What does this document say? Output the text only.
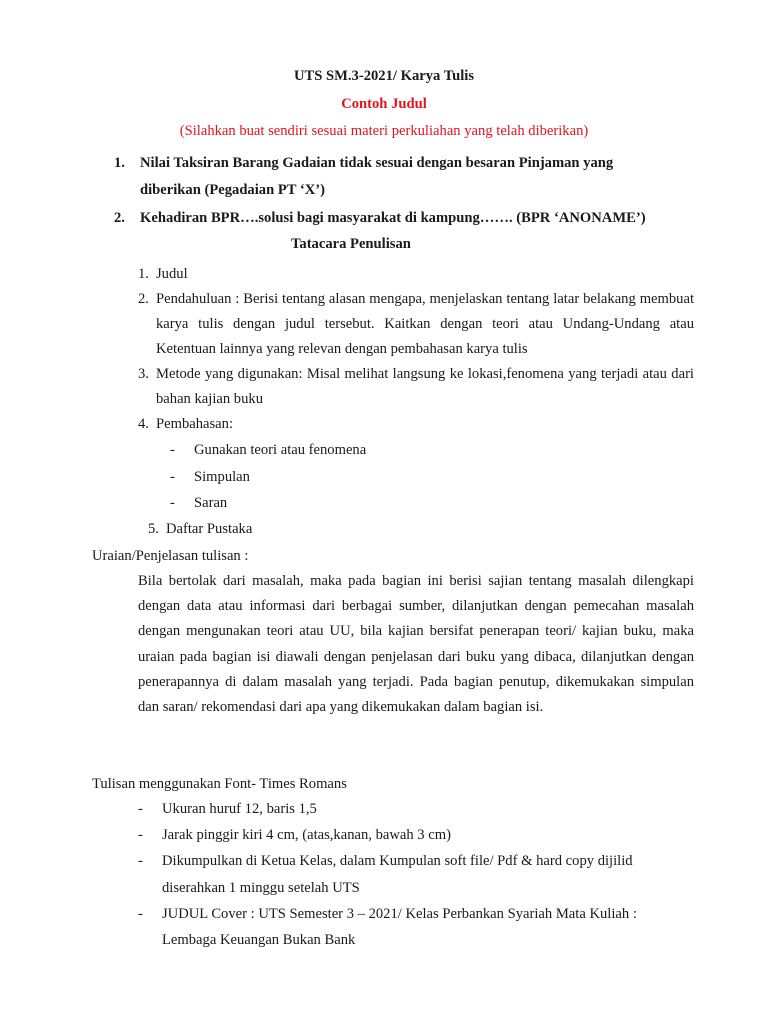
UTS SM.3-2021/ Karya Tulis
Contoh Judul
(Silahkan buat sendiri sesuai materi perkuliahan yang telah diberikan)
1. Nilai Taksiran Barang Gadaian tidak sesuai dengan besaran Pinjaman yang diberikan (Pegadaian PT ‘X’)
2. Kehadiran BPR….solusi bagi masyarakat di kampung……. (BPR ‘ANONAME’)
Tatacara Penulisan
1. Judul
2. Pendahuluan : Berisi tentang alasan mengapa, menjelaskan tentang latar belakang membuat karya tulis dengan judul tersebut. Kaitkan dengan teori atau Undang-Undang atau Ketentuan lainnya yang relevan dengan pembahasan karya tulis
3. Metode yang digunakan: Misal melihat langsung ke lokasi,fenomena yang terjadi atau dari bahan kajian buku
4. Pembahasan:
- Gunakan teori atau fenomena
- Simpulan
- Saran
5. Daftar Pustaka
Uraian/Penjelasan tulisan :
Bila bertolak dari masalah, maka pada bagian ini berisi sajian tentang masalah dilengkapi dengan data atau informasi dari berbagai sumber, dilanjutkan dengan pemecahan masalah dengan mengunakan teori atau UU, bila kajian bersifat penerapan teori/ kajian buku, maka uraian pada bagian isi diawali dengan penjelasan dari buku yang dibaca, dilanjutkan dengan penerapannya di dalam masalah yang terjadi. Pada bagian penutup, dikemukakan simpulan dan saran/ rekomendasi dari apa yang dikemukakan dalam bagian isi.
Tulisan menggunakan Font- Times Romans
- Ukuran huruf 12, baris 1,5
- Jarak pinggir kiri 4 cm, (atas,kanan, bawah 3 cm)
- Dikumpulkan di Ketua Kelas, dalam Kumpulan soft file/ Pdf & hard copy dijilid diserahkan 1 minggu setelah UTS
- JUDUL Cover : UTS Semester 3 – 2021/ Kelas Perbankan Syariah Mata Kuliah : Lembaga Keuangan Bukan Bank
